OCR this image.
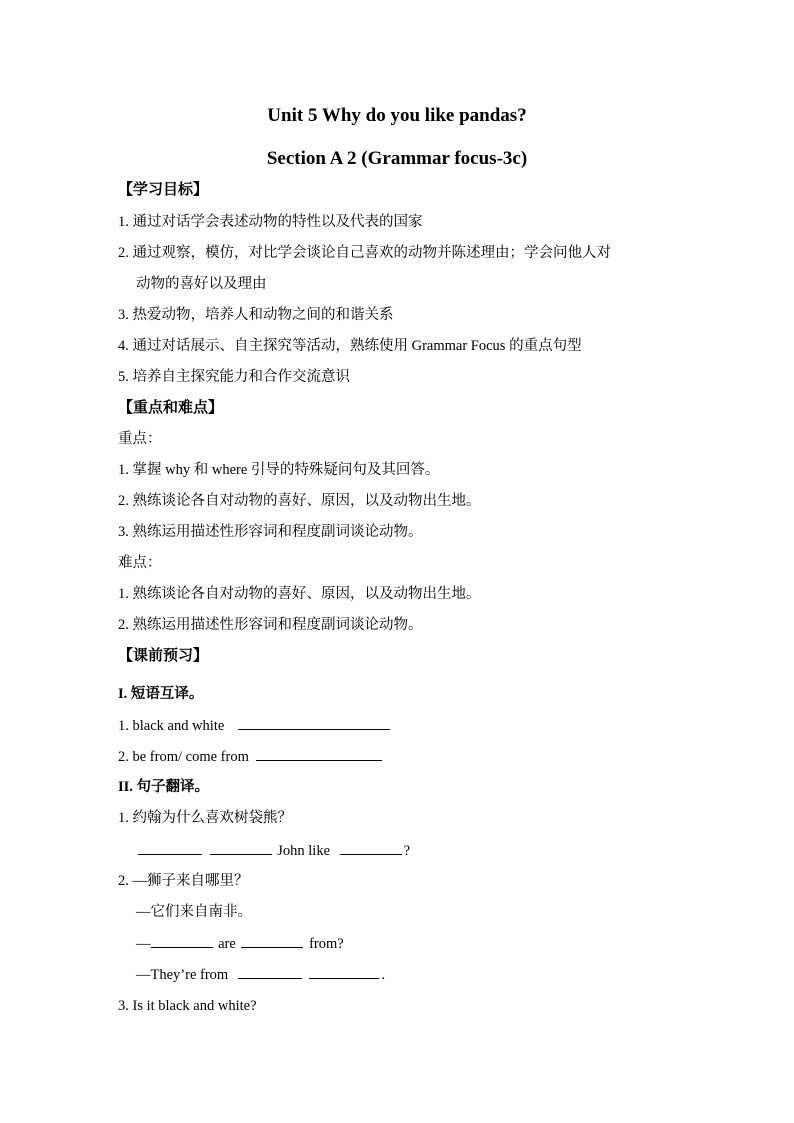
Unit 5 Why do you like pandas?
Section A 2 (Grammar focus-3c)
【学习目标】
1. 通过对话学会表述动物的特性以及代表的国家
2. 通过观察，模仿，对比学会谈论自己喜欢的动物并陈述理由；学会问他人对
动物的喜好以及理由
3. 热爱动物，培养人和动物之间的和谐关系
4. 通过对话展示、自主探究等活动，熟练使用 Grammar Focus 的重点句型
5. 培养自主探究能力和合作交流意识
【重点和难点】
重点：
1. 掌握 why 和 where 引导的特殊疑问句及其回答。
2. 熟练谈论各自对动物的喜好、原因，以及动物出生地。
3. 熟练运用描述性形容词和程度副词谈论动物。
难点：
1. 熟练谈论各自对动物的喜好、原因，以及动物出生地。
2. 熟练运用描述性形容词和程度副词谈论动物。
【课前预习】
I. 短语互译。
1. black and white
2. be from/ come from
II. 句子翻译。
1. 约翰为什么喜欢树袋熊？
John like	?
2. —狮子来自哪里？
—它们来自南非。
—	are	from?
—They’re from	.
3. Is it black and white?
